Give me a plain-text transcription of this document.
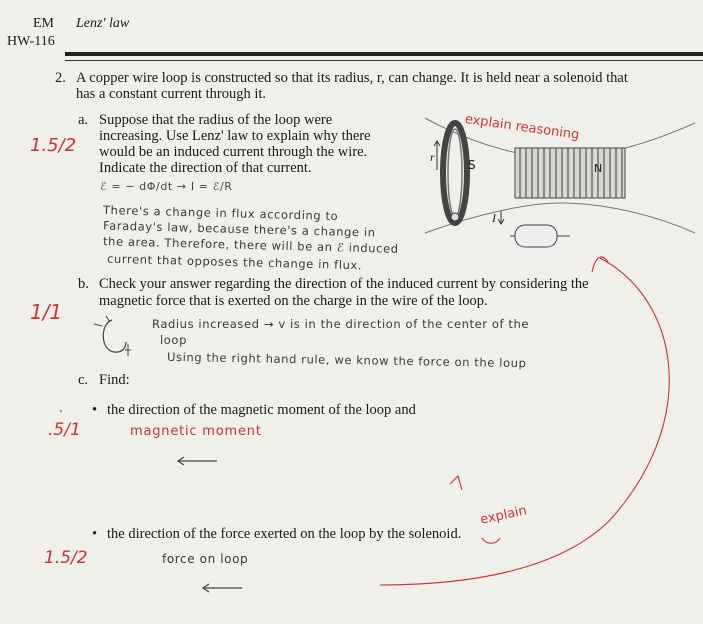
EM Lenz' law
HW-116
2. A copper wire loop is constructed so that its radius, r, can change. It is held near a solenoid that
has a constant current through it.
a. Suppose that the radius of the loop were
increasing. Use Lenz' law to explain why there
would be an induced current through the wire.
Indicate the direction of that current.
1.5/2
ℰ = − dΦ/dt → I = ℰ/R
There's a change in flux according to
Faraday's law, because there's a change in
the area. Therefore, there will be an ℰ induced
current that opposes the change in flux.
r
S	N
I
explain reasoning
b. Check your answer regarding the direction of the induced current by considering the
magnetic force that is exerted on the charge in the wire of the loop.
1/1	Radius increased → v is in the direction of the center of the
loop
Using the right hand rule, we know the force on the loup
c. Find:
• the direction of the magnetic moment of the loop and
.5/1	magnetic moment
• the direction of the force exerted on the loop by the solenoid.
1.5/2	force on loop
explain
